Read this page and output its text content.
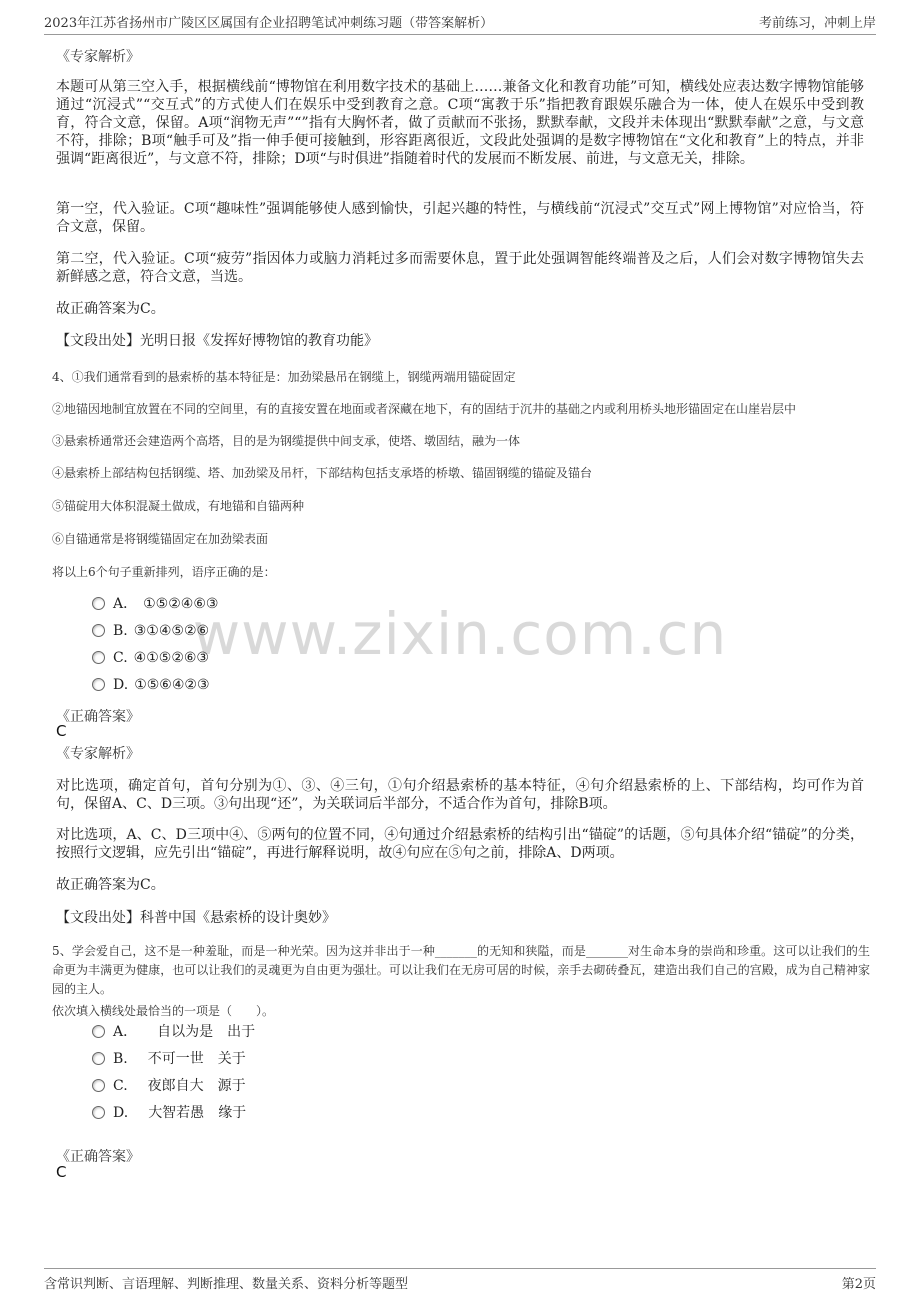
2023年江苏省扬州市广陵区区属国有企业招聘笔试冲刺练习题（带答案解析）	考前练习，冲刺上岸
www.zixin.com.cn
《专家解析》
本题可从第三空入手，根据横线前“博物馆在利用数字技术的基础上……兼备文化和教育功能”可知，横线处应表达数字博物馆能够通过“沉浸式”“交互式”的方式使人们在娱乐中受到教育之意。C项“寓教于乐”指把教育跟娱乐融合为一体，使人在娱乐中受到教育，符合文意，保留。A项“润物无声”“”指有大胸怀者，做了贡献而不张扬，默默奉献，文段并未体现出“默默奉献”之意，与文意不符，排除；B项“触手可及”指一伸手便可接触到，形容距离很近，文段此处强调的是数字博物馆在“文化和教育”上的特点，并非强调“距离很近”，与文意不符，排除；D项“与时俱进”指随着时代的发展而不断发展、前进，与文意无关，排除。
第一空，代入验证。C项“趣味性”强调能够使人感到愉快，引起兴趣的特性，与横线前“沉浸式”交互式”网上博物馆”对应恰当，符合文意，保留。
第二空，代入验证。C项“疲劳”指因体力或脑力消耗过多而需要休息，置于此处强调智能终端普及之后，人们会对数字博物馆失去新鲜感之意，符合文意，当选。
故正确答案为C。
【文段出处】光明日报《发挥好博物馆的教育功能》
4、①我们通常看到的悬索桥的基本特征是：加劲梁悬吊在钢缆上，钢缆两端用锚碇固定
②地锚因地制宜放置在不同的空间里，有的直接安置在地面或者深藏在地下，有的固结于沉井的基础之内或利用桥头地形锚固定在山崖岩层中
③悬索桥通常还会建造两个高塔，目的是为钢缆提供中间支承，使塔、墩固结，融为一体
④悬索桥上部结构包括钢缆、塔、加劲梁及吊杆，下部结构包括支承塔的桥墩、锚固钢缆的锚碇及锚台
⑤锚碇用大体积混凝土做成，有地锚和自锚两种
⑥自锚通常是将钢缆锚固定在加劲梁表面
将以上6个句子重新排列，语序正确的是：
A． ①⑤②④⑥③
B. ③①④⑤②⑥
C. ④①⑤②⑥③
D. ①⑤⑥④②③
《正确答案》
C
《专家解析》
对比选项，确定首句，首句分别为①、③、④三句，①句介绍悬索桥的基本特征，④句介绍悬索桥的上、下部结构，均可作为首句，保留A、C、D三项。③句出现“还”，为关联词后半部分，不适合作为首句，排除B项。
对比选项，A、C、D三项中④、⑤两句的位置不同，④句通过介绍悬索桥的结构引出“锚碇”的话题，⑤句具体介绍“锚碇”的分类，按照行文逻辑，应先引出“锚碇”，再进行解释说明，故④句应在⑤句之前，排除A、D两项。
故正确答案为C。
【文段出处】科普中国《悬索桥的设计奥妙》
5、学会爱自己，这不是一种羞耻，而是一种光荣。因为这并非出于一种_______的无知和狭隘，而是_______对生命本身的崇尚和珍重。这可以让我们的生命更为丰满更为健康，也可以让我们的灵魂更为自由更为强壮。可以让我们在无房可居的时候，亲手去砌砖叠瓦，建造出我们自己的宫殿，成为自己精神家园的主人。
依次填入横线处最恰当的一项是（　　）。
A． 自以为是 出于
B. 不可一世 关于
C. 夜郎自大 源于
D. 大智若愚 缘于
《正确答案》
C
含常识判断、言语理解、判断推理、数量关系、资料分析等题型	第2页
